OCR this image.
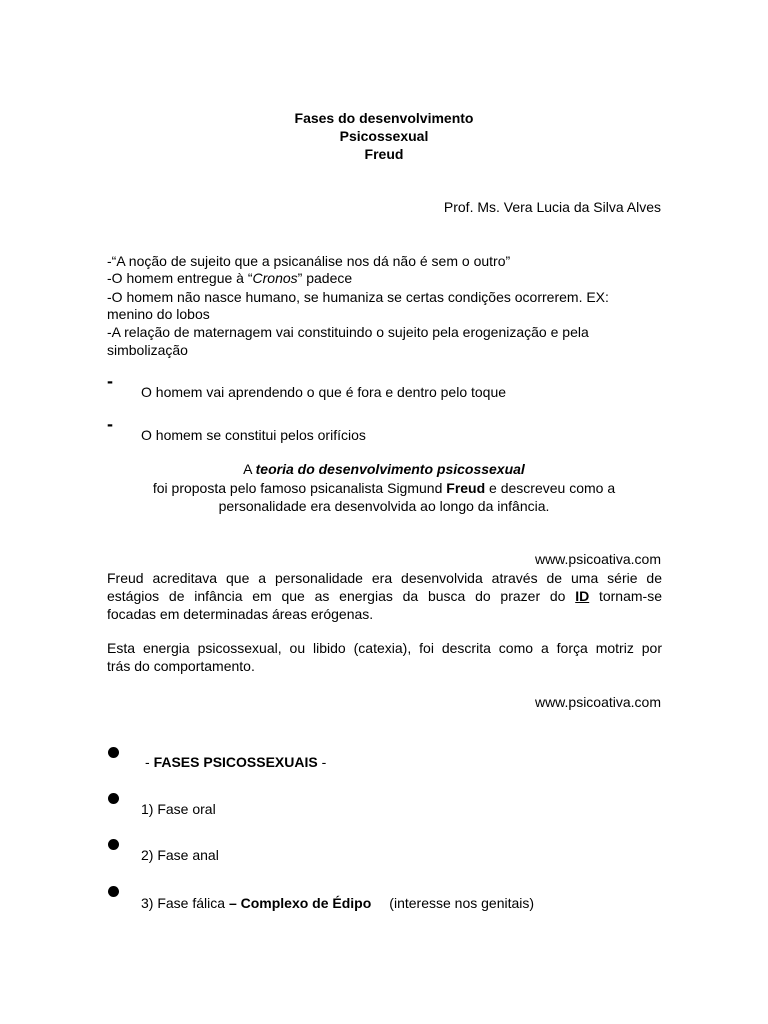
Fases do desenvolvimento
Psicossexual
Freud
Prof. Ms. Vera Lucia da Silva Alves
-“A noção de sujeito que a psicanálise nos dá não é sem o outro”
-O homem entregue à “Cronos” padece
-O homem não nasce humano, se humaniza se certas condições ocorrerem. EX:
menino do lobos
-A relação de maternagem vai constituindo o sujeito pela erogenização e pela
simbolização
-
O homem vai aprendendo o que é fora e dentro pelo toque
-
O homem se constitui pelos orifícios
A teoria do desenvolvimento psicossexual
foi proposta pelo famoso psicanalista Sigmund Freud e descreveu como a
personalidade era desenvolvida ao longo da infância.
www.psicoativa.com
Freud acreditava que a personalidade era desenvolvida através de uma série de
estágios de infância em que as energias da busca do prazer do ID tornam-se
focadas em determinadas áreas erógenas.
Esta energia psicossexual, ou libido (catexia), foi descrita como a força motriz por
trás do comportamento.
www.psicoativa.com
- FASES PSICOSSEXUAIS -
1) Fase oral
2) Fase anal
3) Fase fálica – Complexo de Édipo (interesse nos genitais)
